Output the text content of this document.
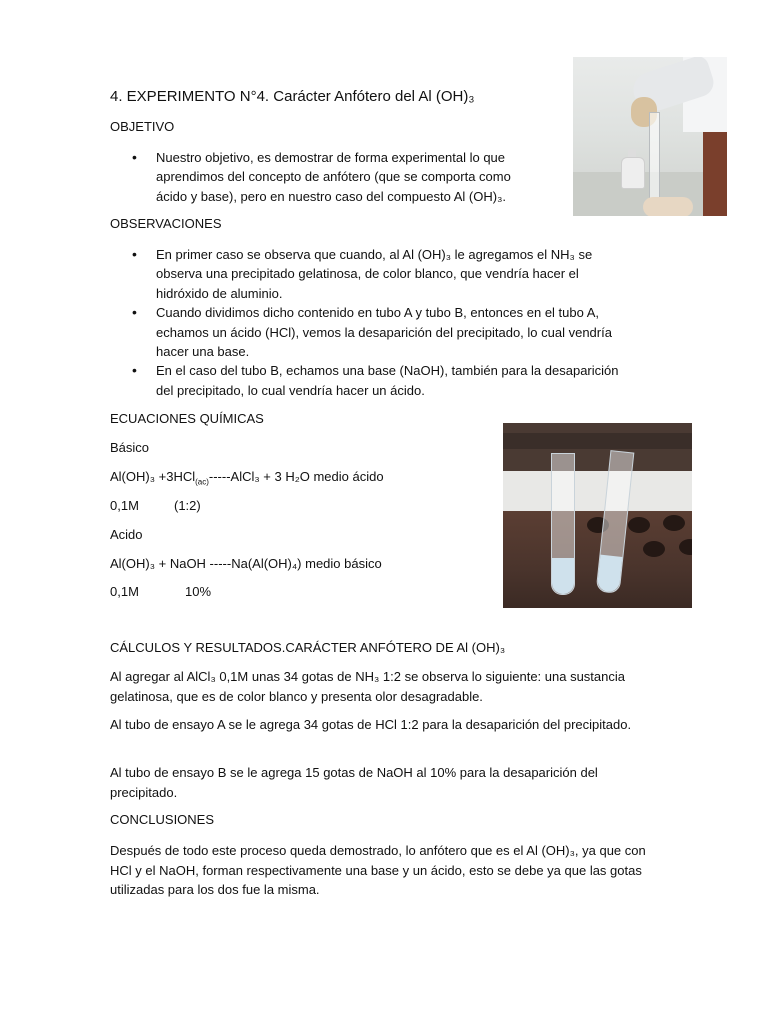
4. EXPERIMENTO N°4. Carácter Anfótero del Al (OH)₃
OBJETIVO
• Nuestro objetivo, es demostrar de forma experimental lo que
aprendimos del concepto de anfótero (que se comporta como
ácido y base), pero en nuestro caso del compuesto Al (OH)₃.
OBSERVACIONES
• En primer caso se observa que cuando, al Al (OH)₃ le agregamos el NH₃ se
observa una precipitado gelatinosa, de color blanco, que vendría hacer el
hidróxido de aluminio.
• Cuando dividimos dicho contenido en tubo A y tubo B, entonces en el tubo A,
echamos un ácido (HCl), vemos la desaparición del precipitado, lo cual vendría
hacer una base.
• En el caso del tubo B, echamos una base (NaOH), también para la desaparición
del precipitado, lo cual vendría hacer un ácido.
ECUACIONES QUÍMICAS
Básico
Al(OH)₃ +3HCl$_{(ac)}$-----AlCl₃ + 3 H₂O medio ácido
0,1M	(1:2)
Acido
Al(OH)₃ + NaOH -----Na(Al(OH)₄) medio básico
0,1M	10%
CÁLCULOS Y RESULTADOS.CARÁCTER ANFÓTERO DE Al (OH)₃
Al agregar al AlCl₃ 0,1M unas 34 gotas de NH₃ 1:2 se observa lo siguiente: una sustancia gelatinosa, que es de color blanco y presenta olor desagradable.
Al tubo de ensayo A se le agrega 34 gotas de HCl 1:2 para la desaparición del precipitado.
Al tubo de ensayo B se le agrega 15 gotas de NaOH al 10% para la desaparición del precipitado.
CONCLUSIONES
Después de todo este proceso queda demostrado, lo anfótero que es el Al (OH)₃, ya que con HCl y el NaOH, forman respectivamente una base y un ácido, esto se debe ya que las gotas utilizadas para los dos fue la misma.
